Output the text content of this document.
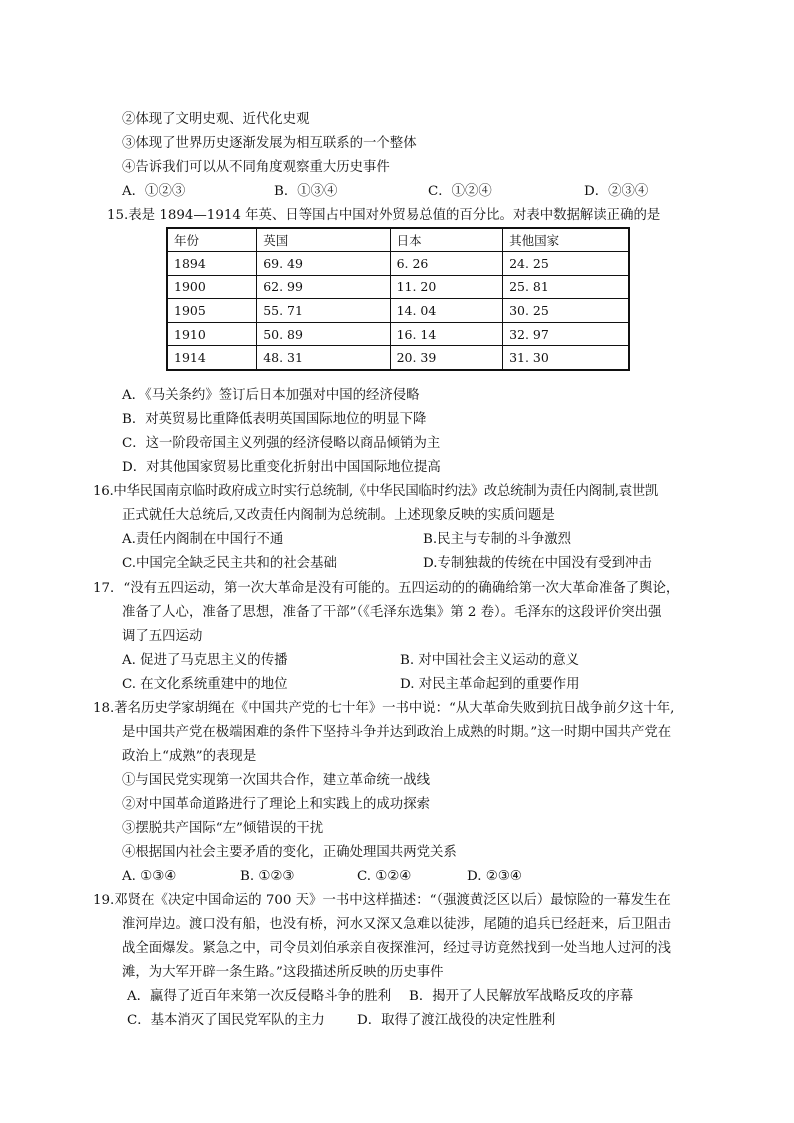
②体现了文明史观、近代化史观
③体现了世界历史逐渐发展为相互联系的一个整体
④告诉我们可以从不同角度观察重大历史事件
A．①②③	B．①③④	C．①②④	D．②③④
15.表是 1894—1914 年英、日等国占中国对外贸易总值的百分比。对表中数据解读正确的是
年份	英国	日本	其他国家
1894	69. 49	6. 26	24. 25
1900	62. 99	11. 20	25. 81
1905	55. 71	14. 04	30. 25
1910	50. 89	16. 14	32. 97
1914	48. 31	20. 39	31. 30
A．《马关条约》签订后日本加强对中国的经济侵略
B．对英贸易比重降低表明英国国际地位的明显下降
C．这一阶段帝国主义列强的经济侵略以商品倾销为主
D．对其他国家贸易比重变化折射出中国国际地位提高
16.中华民国南京临时政府成立时实行总统制,《中华民国临时约法》改总统制为责任内阁制,袁世凯
正式就任大总统后,又改责任内阁制为总统制。上述现象反映的实质问题是
A.责任内阁制在中国行不通	B.民主与专制的斗争激烈
C.中国完全缺乏民主共和的社会基础	D.专制独裁的传统在中国没有受到冲击
17．“没有五四运动，第一次大革命是没有可能的。五四运动的的确确给第一次大革命准备了舆论，
准备了人心，准备了思想，准备了干部”（《毛泽东选集》第 2 卷）。毛泽东的这段评价突出强
调了五四运动
A. 促进了马克思主义的传播	B. 对中国社会主义运动的意义
C. 在文化系统重建中的地位	D. 对民主革命起到的重要作用
18.著名历史学家胡绳在《中国共产党的七十年》一书中说：“从大革命失败到抗日战争前夕这十年,
是中国共产党在极端困难的条件下坚持斗争并达到政治上成熟的时期。”这一时期中国共产党在
政治上“成熟”的表现是
①与国民党实现第一次国共合作，建立革命统一战线
②对中国革命道路进行了理论上和实践上的成功探索
③摆脱共产国际“左”倾错误的干扰
④根据国内社会主要矛盾的变化，正确处理国共两党关系
A. ①③④	B. ①②③	C. ①②④	D. ②③④
19.邓贤在《决定中国命运的 700 天》一书中这样描述：“（强渡黄泛区以后）最惊险的一幕发生在
淮河岸边。渡口没有船，也没有桥，河水又深又急难以徒涉，尾随的追兵已经赶来，后卫阻击
战全面爆发。紧急之中，司令员刘伯承亲自夜探淮河，经过寻访竟然找到一处当地人过河的浅
滩，为大军开辟一条生路。”这段描述所反映的历史事件
A．赢得了近百年来第一次反侵略斗争的胜利 B．揭开了人民解放军战略反攻的序幕
C．基本消灭了国民党军队的主力 D．取得了渡江战役的决定性胜利
